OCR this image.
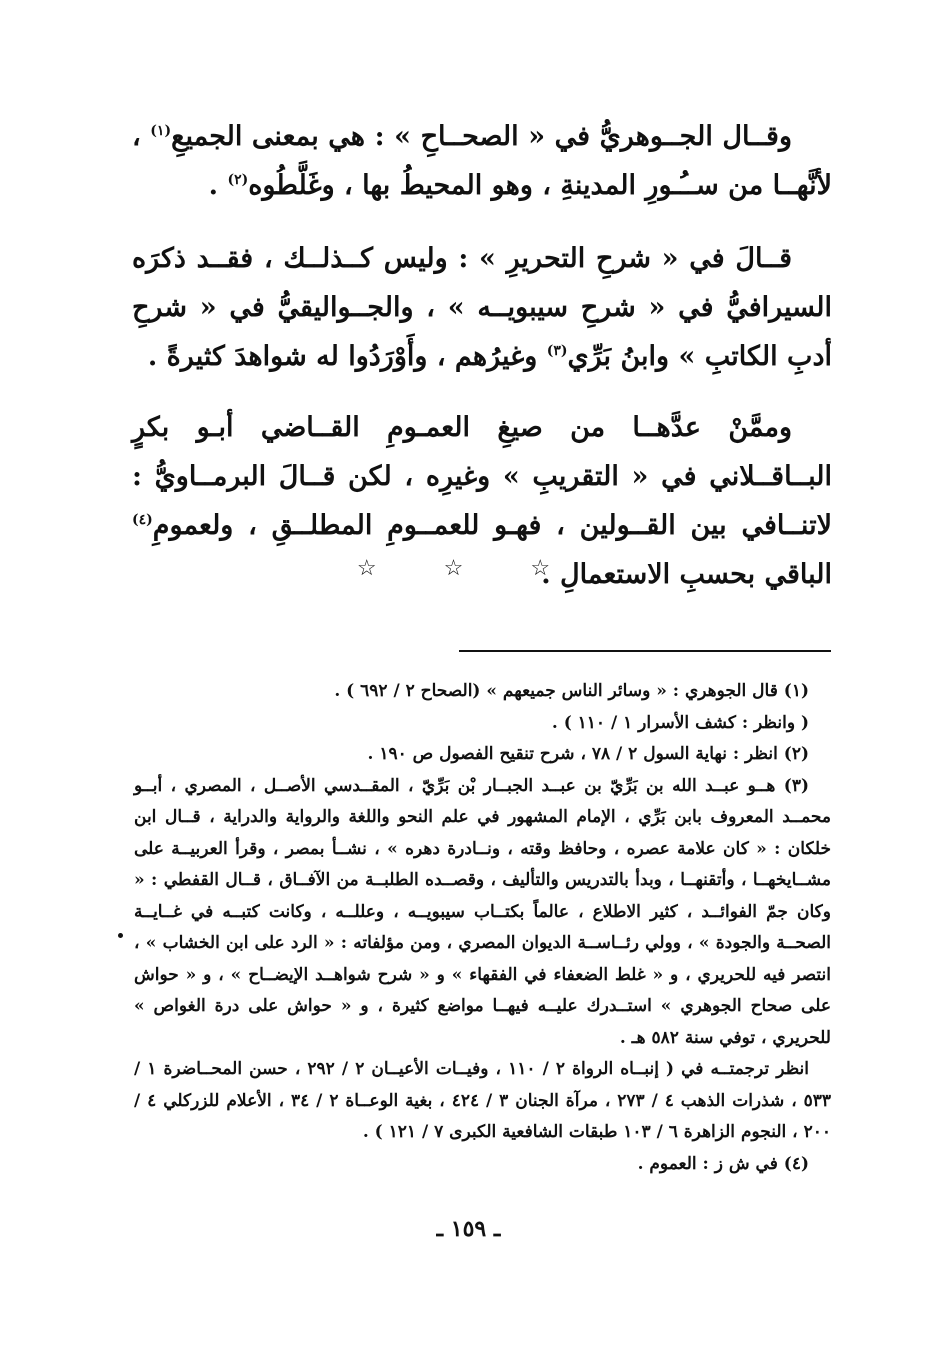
وقــال الجــوهريُّ في « الصحــاحِ » : هي بمعنى الجميعِ$^{(١)}$ ، لأنَّهــا من ســُـورِ المدينةِ ، وهو المحيطُ بها ، وغَلَّطُوه$^{(٢)}$ .

قــالَ في « شرحِ التحريرِ » : وليس كــذلــك ، فقــد ذكرَه السيرافيُّ في « شرحِ سيبويــه » ، والجــواليقيُّ في « شرحِ أدبِ الكاتبِ » وابنُ بَرِّي$^{(٣)}$ وغيرُهم ، وأَوْرَدُوا له شواهدَ كثيرةً .

وممَّنْ عدَّهــا من صيغِ العمـومِ القــاضي أبـو بكرٍ البــاقــلاني في « التقريبِ » وغيرِه ، لكن قــالَ البرمــاويُّ : لاتنــافي بين القــولين ، فهـو للعمــومِ المطلــقِ ، ولعمومِ$^{(٤)}$ الباقي بحسبِ الاستعمالِ .

☆ ☆ ☆

(١) قال الجوهري : « وسائر الناس جميعهم » (الصحاح ٢ / ٦٩٢ ) .

( وانظر : كشف الأسرار ١ / ١١٠ ) .

(٢) انظر : نهاية السول ٢ / ٧٨ ، شرح تنقيح الفصول ص ١٩٠ .

(٣) هــو عبــد الله بن بَرِّيّ بن عبــد الجبــار بْن بَرِّيّ ، المقــدسي الأصــل ، المصري ، أبــو محمــد المعروف بابن بَرِّي ، الإمام المشهور في علم النحو واللغة والرواية والدراية ، قــال ابن خلكان : « كان علامة عصره ، وحافظ وقته ، ونــادرة دهره » ، نشــأ بمصر ، وقرأ العربيــة على مشــايخهــا ، وأتقنهــا ، وبدأ بالتدريس والتأليف ، وقصــده الطلبــة من الآفــاق ، قــال القفطي : « وكان جمّ الفوائــد ، كثير الاطلاع ، عالماً بكتــاب سيبويــه ، وعللــه ، وكانت كتبــه في غــايــة الصحــة والجودة » ، وولي رئــاســة الديوان المصري ، ومن مؤلفاته : « الرد على ابن الخشاب » ، انتصر فيه للحريري ، و « غلط الضعفاء في الفقهاء » و « شرح شواهــد الإيضــاح » ، و « حواش على صحاح الجوهري » استــدرك عليــه فيهــا مواضع كثيرة ، و « حواش على درة الغواص » للحريري ، توفي سنة ٥٨٢ هـ .

انظر ترجمتــه في ( إنبــاه الرواة ٢ / ١١٠ ، وفيــات الأعيــان ٢ / ٢٩٢ ، حسن المحــاضرة ١ / ٥٣٣ ، شذرات الذهب ٤ / ٢٧٣ ، مرآة الجنان ٣ / ٤٢٤ ، بغية الوعــاة ٢ / ٣٤ ، الأعلام للزركلي ٤ / ٢٠٠ ، النجوم الزاهرة ٦ / ١٠٣ طبقات الشافعية الكبرى ٧ / ١٢١ ) .

(٤) في ش ز : العموم .

ـ ١٥٩ ـ
